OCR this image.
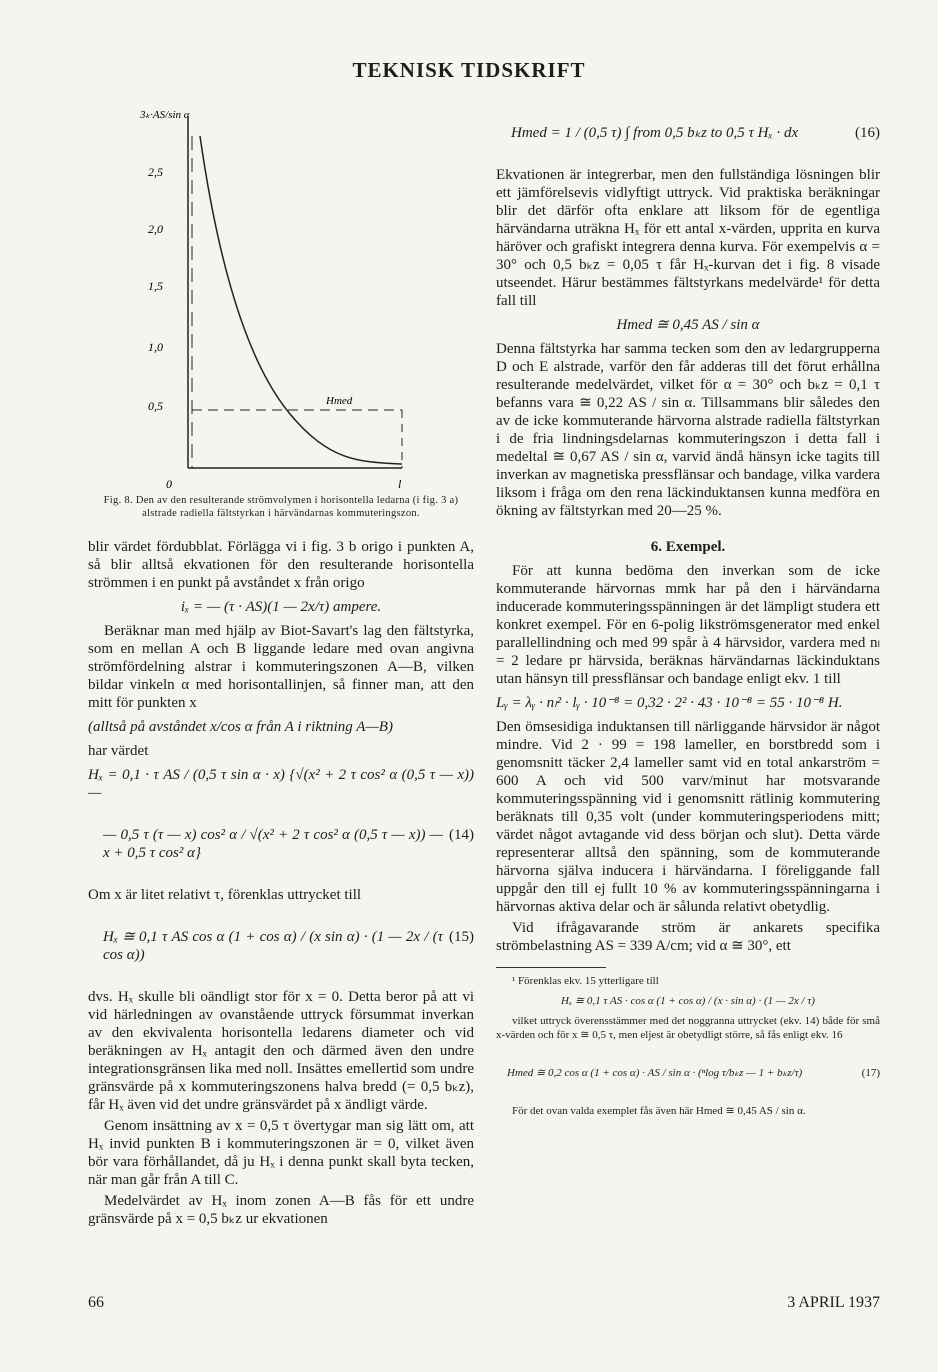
TEKNISK TIDSKRIFT
3ₖ·AS/sin α
2,5
2,0
1,5
1,0
0,5	Hmed
0	l
Fig. 8. Den av den resulterande strömvolymen i horisontella ledarna (i fig. 3 a) alstrade radiella fältstyrkan i härvändarnas kommuteringszon.

blir värdet fördubblat. Förlägga vi i fig. 3 b origo i punkten A, så blir alltså ekvationen för den resulterande horisontella strömmen i en punkt på avståndet x från origo

iₓ = — (τ · AS)(1 — 2x/τ) ampere.

Beräknar man med hjälp av Biot-Savart's lag den fältstyrka, som en mellan A och B liggande ledare med ovan angivna strömfördelning alstrar i kommuteringszonen A—B, vilken bildar vinkeln α med horisontallinjen, så finner man, att den mitt för punkten x

(alltså på avståndet x/cos α från A i riktning A—B)

har värdet

Hₓ = 0,1 · τ AS / (0,5 τ sin α · x) {√(x² + 2 τ cos² α (0,5 τ — x)) —

— 0,5 τ (τ — x) cos² α / √(x² + 2 τ cos² α (0,5 τ — x)) — x + 0,5 τ cos² α}
(14)

Om x är litet relativt τ, förenklas uttrycket till

Hₓ ≅ 0,1 τ AS cos α (1 + cos α) / (x sin α) · (1 — 2x / (τ cos α))
(15)

dvs. Hₓ skulle bli oändligt stor för x = 0. Detta beror på att vi vid härledningen av ovanstående uttryck försummat inverkan av den ekvivalenta horisontella ledarens diameter och vid beräkningen av Hₓ antagit den och därmed även den undre integrationsgränsen lika med noll. Insättes emellertid som undre gränsvärde på x kommuteringszonens halva bredd (= 0,5 bₖz), får Hₓ även vid det undre gränsvärdet på x ändligt värde.

Genom insättning av x = 0,5 τ övertygar man sig lätt om, att Hₓ invid punkten B i kommuteringszonen är = 0, vilket även bör vara förhållandet, då ju Hₓ i denna punkt skall byta tecken, när man går från A till C.

Medelvärdet av Hₓ inom zonen A—B fås för ett undre gränsvärde på x = 0,5 bₖz ur ekvationen

Hmed = 1 / (0,5 τ) ∫ from 0,5 bₖz to 0,5 τ Hₓ · dx	(16)

Ekvationen är integrerbar, men den fullständiga lösningen blir ett jämförelsevis vidlyftigt uttryck. Vid praktiska beräkningar blir det därför ofta enklare att liksom för de egentliga härvändarna uträkna Hₓ för ett antal x-värden, upprita en kurva häröver och grafiskt integrera denna kurva. För exempelvis α = 30° och 0,5 bₖz = 0,05 τ får Hₓ-kurvan det i fig. 8 visade utseendet. Härur bestämmes fältstyrkans medelvärde¹ för detta fall till

Hmed ≅ 0,45 AS / sin α

Denna fältstyrka har samma tecken som den av ledargrupperna D och E alstrade, varför den får adderas till det förut erhållna resulterande medelvärdet, vilket för α = 30° och bₖz = 0,1 τ befanns vara ≅ 0,22 AS / sin α. Tillsammans blir således den av de icke kommuterande härvorna alstrade radiella fältstyrkan i de fria lindningsdelarnas kommuteringszon i detta fall i medeltal ≅ 0,67 AS / sin α, varvid ändå hänsyn icke tagits till inverkan av magnetiska pressflänsar och bandage, vilka vardera liksom i fråga om den rena läckinduktansen kunna medföra en ökning av fältstyrkan med 20—25 %.

6. Exempel.

För att kunna bedöma den inverkan som de icke kommuterande härvornas mmk har på den i härvändarna inducerade kommuteringsspänningen är det lämpligt studera ett konkret exempel. För en 6-polig likströmsgenerator med enkel parallellindning och med 99 spår à 4 härvsidor, vardera med nₗ = 2 ledare pr härvsida, beräknas härvändarnas läckinduktans utan hänsyn till pressflänsar och bandage enligt ekv. 1 till

Lᵧ = λᵧ · nₗ² · lᵧ · 10⁻⁸ = 0,32 · 2² · 43 · 10⁻⁸ = 55 · 10⁻⁸ H.

Den ömsesidiga induktansen till närliggande härvsidor är något mindre. Vid 2 · 99 = 198 lameller, en borstbredd som i genomsnitt täcker 2,4 lameller samt vid en total ankarström = 600 A och vid 500 varv/minut har motsvarande kommuteringsspänning vid i genomsnitt rätlinig kommutering beräknats till 0,35 volt (under kommuteringsperiodens mitt; värdet något avtagande vid dess början och slut). Detta värde representerar alltså den spänning, som de kommuterande härvorna själva inducera i härvändarna. I föreliggande fall uppgår den till ej fullt 10 % av kommuteringsspänningarna i härvornas aktiva delar och är sålunda relativt obetydlig.

Vid ifrågavarande ström är ankarets specifika strömbelastning AS = 339 A/cm; vid α ≅ 30°, ett

¹ Förenklas ekv. 15 ytterligare till

Hₓ ≅ 0,1 τ AS · cos α (1 + cos α) / (x · sin α) · (1 — 2x / τ)

vilket uttryck överensstämmer med det noggranna uttrycket (ekv. 14) både för små x-värden och för x ≅ 0,5 τ, men eljest är obetydligt större, så fås enligt ekv. 16

Hmed ≅ 0,2 cos α (1 + cos α) · AS / sin α · (ⁿlog τ/bₖz — 1 + bₖz/τ)	(17)

För det ovan valda exemplet fås även här Hmed ≅ 0,45 AS / sin α.

66	3 APRIL 1937
